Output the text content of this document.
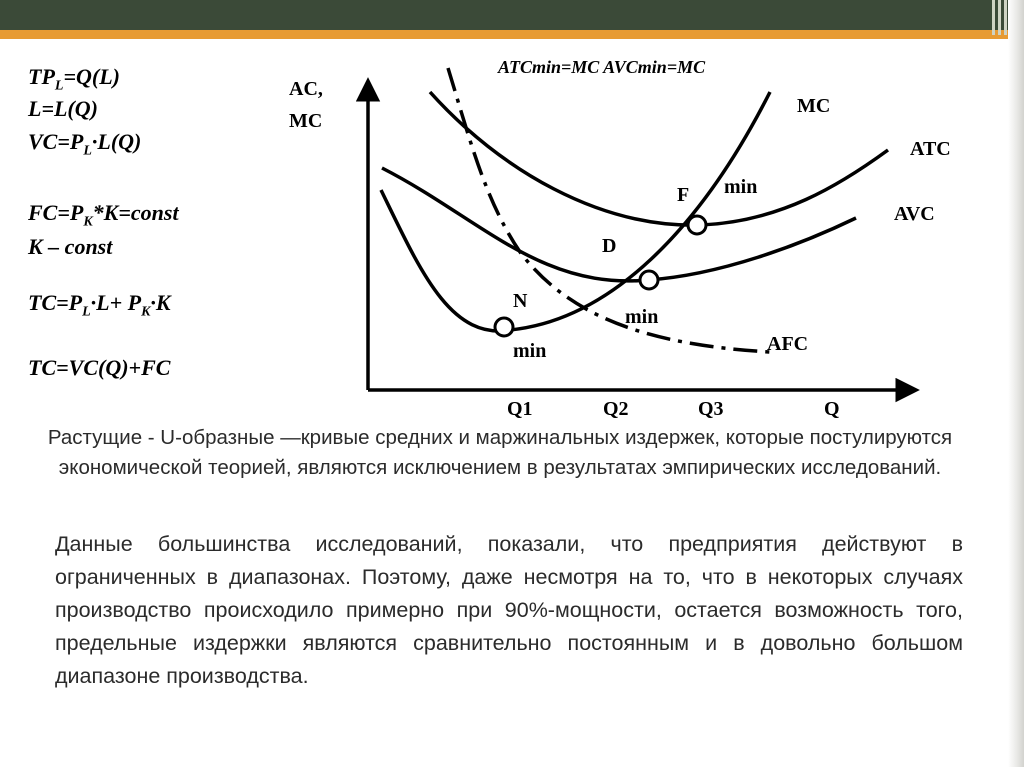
$TP_L=Q(L)$
L=L(Q)
$VC=P_L\cdot L(Q)$
$FC=P_K*K=const$
K – const
$TC=P_L\cdot L+ P_K\cdot K$
TC=VC(Q)+FC
ATCmin=MC AVCmin=MC
AC,
MC
MC
ATC
AVC
AFC
F min
D
min
N
min
Q1	Q2	Q3	Q
Растущие - U-образные —кривые средних и маржинальных издержек, которые постулируются экономической теорией, являются исключением в результатах эмпирических исследований.
Данные большинства исследований, показали, что предприятия действуют в ограниченных в диапазонах. Поэтому, даже несмотря на то, что в некоторых случаях производство происходило примерно при 90%-мощности, остается возможность того, предельные издержки являются сравнительно постоянным и в довольно большом диапазоне производства.
